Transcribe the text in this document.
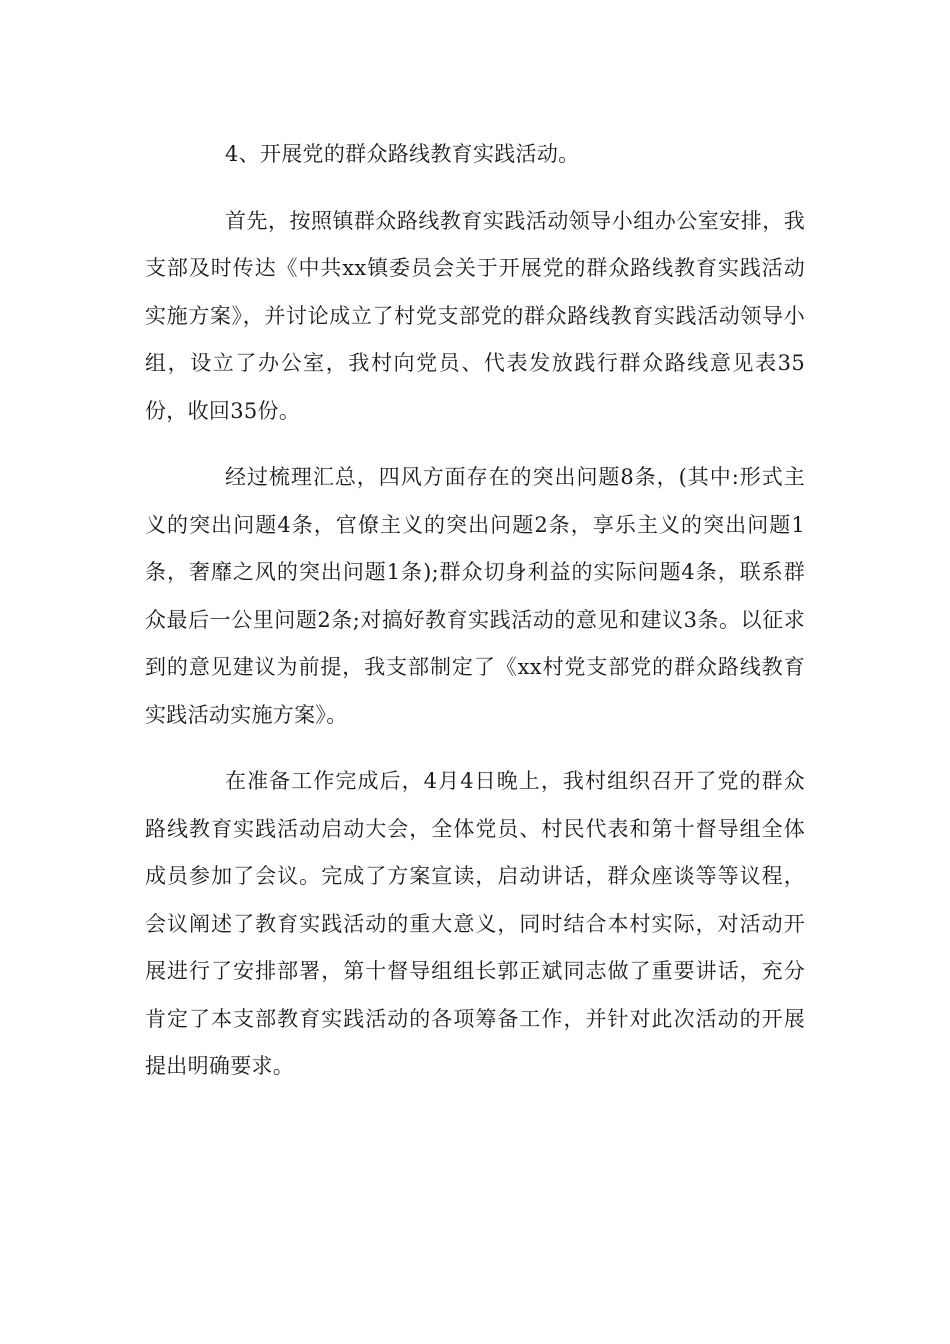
4、开展党的群众路线教育实践活动。

首先，按照镇群众路线教育实践活动领导小组办公室安排，我支部及时传达《中共xx镇委员会关于开展党的群众路线教育实践活动实施方案》，并讨论成立了村党支部党的群众路线教育实践活动领导小组，设立了办公室，我村向党员、代表发放践行群众路线意见表35份，收回35份。

经过梳理汇总，四风方面存在的突出问题8条，(其中:形式主义的突出问题4条，官僚主义的突出问题2条，享乐主义的突出问题1条，奢靡之风的突出问题1条);群众切身利益的实际问题4条，联系群众最后一公里问题2条;对搞好教育实践活动的意见和建议3条。以征求到的意见建议为前提，我支部制定了《xx村党支部党的群众路线教育实践活动实施方案》。

在准备工作完成后，4月4日晚上，我村组织召开了党的群众路线教育实践活动启动大会，全体党员、村民代表和第十督导组全体成员参加了会议。完成了方案宣读，启动讲话，群众座谈等等议程，会议阐述了教育实践活动的重大意义，同时结合本村实际，对活动开展进行了安排部署，第十督导组组长郭正斌同志做了重要讲话，充分肯定了本支部教育实践活动的各项筹备工作，并针对此次活动的开展提出明确要求。
